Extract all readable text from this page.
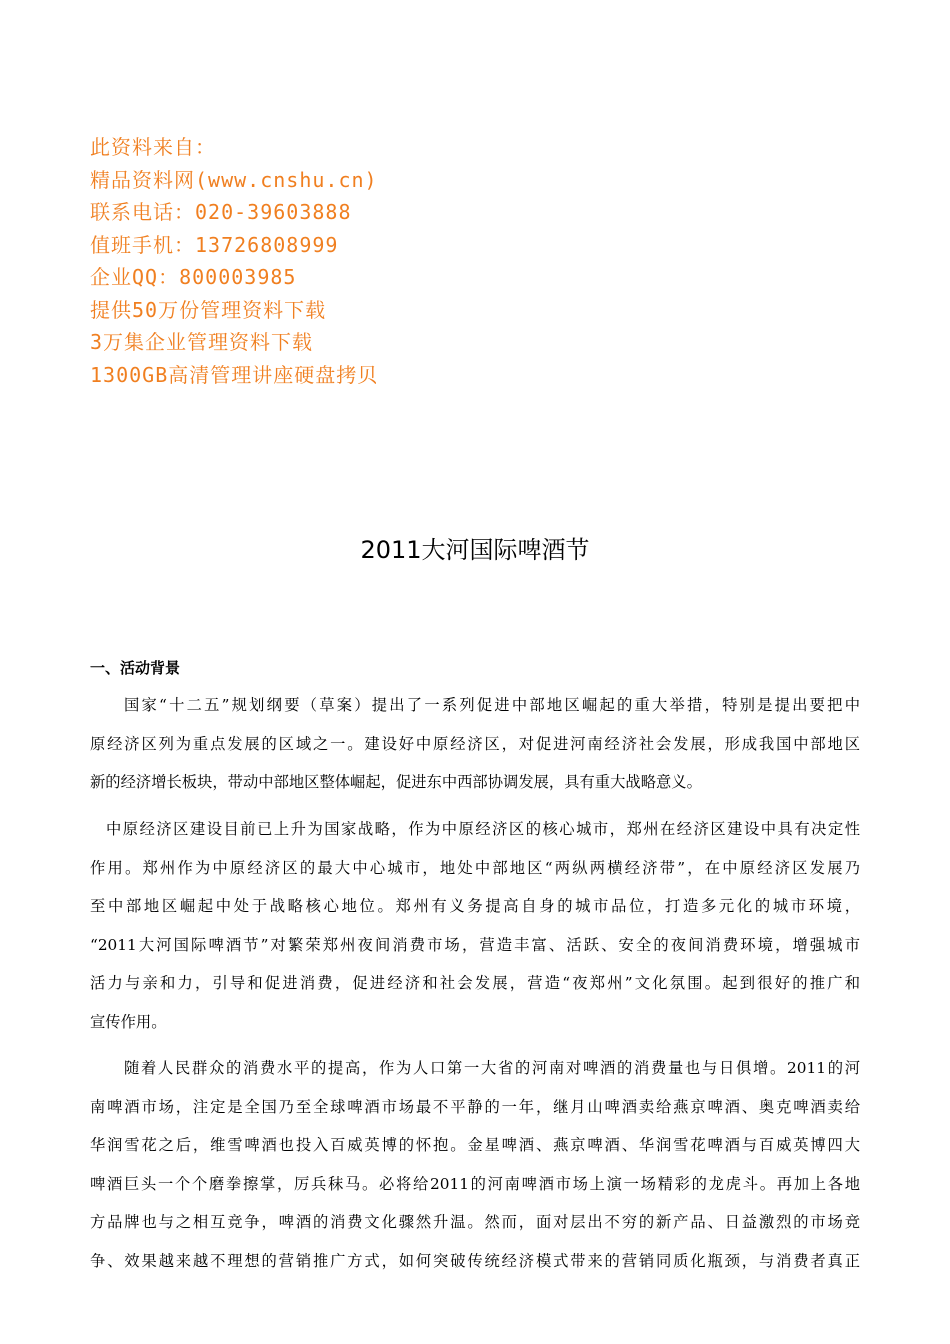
此资料来自：
精品资料网(www.cnshu.cn)
联系电话：020-39603888
值班手机：13726808999
企业QQ：800003985
提供50万份管理资料下载
3万集企业管理资料下载
1300GB高清管理讲座硬盘拷贝
2011大河国际啤酒节
一、活动背景

国家“十二五”规划纲要（草案）提出了一系列促进中部地区崛起的重大举措，特别是提出要把中
原经济区列为重点发展的区域之一。建设好中原经济区，对促进河南经济社会发展，形成我国中部地区
新的经济增长板块，带动中部地区整体崛起，促进东中西部协调发展，具有重大战略意义。

中原经济区建设目前已上升为国家战略，作为中原经济区的核心城市，郑州在经济区建设中具有决定性
作用。郑州作为中原经济区的最大中心城市，地处中部地区“两纵两横经济带”，在中原经济区发展乃
至中部地区崛起中处于战略核心地位。郑州有义务提高自身的城市品位，打造多元化的城市环境，
“2011大河国际啤酒节”对繁荣郑州夜间消费市场，营造丰富、活跃、安全的夜间消费环境，增强城市
活力与亲和力，引导和促进消费，促进经济和社会发展，营造“夜郑州”文化氛围。起到很好的推广和
宣传作用。

随着人民群众的消费水平的提高，作为人口第一大省的河南对啤酒的消费量也与日俱增。2011的河
南啤酒市场，注定是全国乃至全球啤酒市场最不平静的一年，继月山啤酒卖给燕京啤酒、奥克啤酒卖给
华润雪花之后，维雪啤酒也投入百威英博的怀抱。金星啤酒、燕京啤酒、华润雪花啤酒与百威英博四大
啤酒巨头一个个磨拳擦掌，厉兵秣马。必将给2011的河南啤酒市场上演一场精彩的龙虎斗。再加上各地
方品牌也与之相互竞争，啤酒的消费文化骤然升温。然而，面对层出不穷的新产品、日益激烈的市场竞
争、效果越来越不理想的营销推广方式，如何突破传统经济模式带来的营销同质化瓶颈，与消费者真正
